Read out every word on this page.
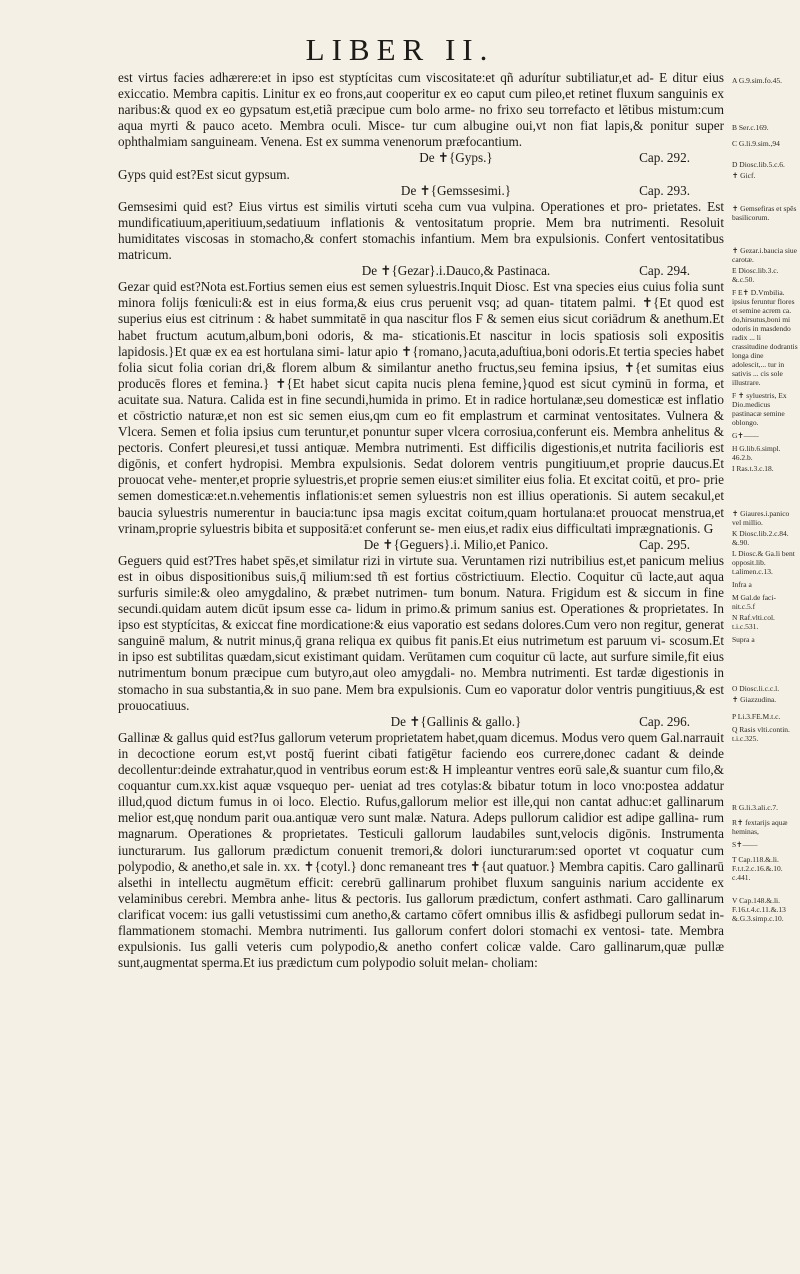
LIBER II.

est virtus facies adhærere:et in ipso est styptícitas cum viscositate:et qñ adurítur subtiliatur,et ad- E ditur eius exiccatio. Membra capitis. Linitur ex eo frons,aut cooperitur ex eo caput cum pileo,et retinet fluxum sanguinis ex naribus:& quod ex eo gypsatum est,etiã præcipue cum bolo arme- no frixo seu torrefacto et lētibus mistum:cum aqua myrti & pauco aceto. Membra oculi. Misce- tur cum albugine oui,vt non fiat lapis,& ponitur super ophthalmiam sanguineam. Venena. Est ex summa venenorum præfocantium.

De ✝{Gyps.}	Cap. 292.

Gyps quid est?Est sicut gypsum.

De ✝{Gemssesimi.}	Cap. 293.

Gemsesimi quid est? Eius virtus est similis virtuti sceha cum vua vulpina. Operationes et pro- prietates. Est mundificatiuum,aperitiuum,sedatiuum inflationis & ventositatum proprie. Mem bra nutrimenti. Resoluit humiditates viscosas in stomacho,& confert stomachis infantium. Mem bra expulsionis. Confert ventositatibus matricum.

De ✝{Gezar}.i.Dauco,& Pastinaca.	Cap. 294.

Gezar quid est?Nota est.Fortius semen eius est semen syluestris.Inquit Diosc. Est vna species eius cuius folia sunt minora folijs fœniculi:& est in eius forma,& eius crus peruenit vsq; ad quan- titatem palmi. ✝{Et quod est superius eius est citrinum : & habet summitatē in qua nascitur flos F & semen eius sicut coriādrum & anethum.Et habet fructum acutum,album,boni odoris, & ma- sticationis.Et nascitur in locis spatiosis soli expositis lapidosis.}Et quæ ex ea est hortulana simi- latur apio ✝{romano,}acuta,aduſtiua,boni odoris.Et tertia species habet folia sicut folia corian dri,& florem album & similantur anetho fructus,seu femina ipsius, ✝{et sumitas eius producēs flores et femina.} ✝{Et habet sicut capita nucis plena femine,}quod est sicut cyminū in forma, et acuitate sua. Natura. Calida est in fine secundi,humida in primo. Et in radice hortulanæ,seu domesticæ est inflatio et cōstrictio naturæ,et non est sic semen eius,qm cum eo fit emplastrum et carminat ventositates. Vulnera & Vlcera. Semen et folia ipsius cum teruntur,et ponuntur super vlcera corrosiua,conferunt eis. Membra anhelitus & pectoris. Confert pleuresi,et tussi antiquæ. Membra nutrimenti. Est difficilis digestionis,et nutrita facilioris est digōnis, et confert hydropisi. Membra expulsionis. Sedat dolorem ventris pungitiuum,et proprie daucus.Et prouocat vehe- menter,et proprie syluestris,et proprie semen eius:et similiter eius folia. Et excitat coitū, et pro- prie semen domesticæ:et.n.vehementis inflationis:et semen syluestris non est illius operationis. Si autem secakul,et baucia syluestris numerentur in baucia:tunc ipsa magis excitat coitum,quam hortulana:et prouocat menstrua,et vrinam,proprie syluestris bibita et suppositā:et conferunt se- men eius,et radix eius difficultati imprægnationis. G

De ✝{Geguers}.i. Milio,et Panico.	Cap. 295.

Geguers quid est?Tres habet spēs,et similatur rizi in virtute sua. Veruntamen rizi nutribilius est,et panicum melius est in oibus dispositionibus suis,q̄ milium:sed tñ est fortius cōstrictiuum. Electio. Coquitur cū lacte,aut aqua surfuris simile:& oleo amygdalino, & præbet nutrimen- tum bonum. Natura. Frigidum est & siccum in fine secundi.quidam autem dicūt ipsum esse ca- lidum in primo.& primum sanius est. Operationes & proprietates. In ipso est styptícitas, & exiccat fine mordicatione:& eius vaporatio est sedans dolores.Cum vero non regitur, generat sanguinē malum, & nutrit minus,q̄ grana reliqua ex quibus fit panis.Et eius nutrimetum est paruum vi- scosum.Et in ipso est subtilitas quædam,sicut existimant quidam. Verūtamen cum coquitur cū lacte, aut surfure simile,fit eius nutrimentum bonum præcipue cum butyro,aut oleo amygdali- no. Membra nutrimenti. Est tardæ digestionis in stomacho in sua substantia,& in suo pane. Mem bra expulsionis. Cum eo vaporatur dolor ventris pungitiuus,& est prouocatiuus.

De ✝{Gallinis & gallo.}	Cap. 296.

Gallinæ & gallus quid est?Ius gallorum veterum proprietatem habet,quam dicemus. Modus vero quem Gal.narrauit in decoctione eorum est,vt postq̄ fuerint cibati fatigētur faciendo eos currere,donec cadant & deinde decollentur:deinde extrahatur,quod in ventribus eorum est:& H impleantur ventres eorū sale,& suantur cum filo,& coquantur cum.xx.kist aquæ vsquequo per- ueniat ad tres cotylas:& bibatur totum in loco vno:postea addatur illud,quod dictum fumus in oi loco. Electio. Rufus,gallorum melior est ille,qui non cantat adhuc:et gallinarum melior est,quę nondum parit oua.antiquæ vero sunt malæ. Natura. Adeps pullorum calidior est adipe gallina- rum magnarum. Operationes & proprietates. Testiculi gallorum laudabiles sunt,velocis digōnis. Instrumenta iuncturarum. Ius gallorum prædictum conuenit tremori,& dolori iuncturarum:sed oportet vt coquatur cum polypodio, & anetho,et sale in. xx. ✝{cotyl.} donc remaneant tres ✝{aut quatuor.} Membra capitis. Caro gallinarū alsethi in intellectu augmētum efficit: cerebrū gallinarum prohibet fluxum sanguinis narium accidente ex velaminibus cerebri. Membra anhe- litus & pectoris. Ius gallorum prædictum, confert asthmati. Caro gallinarum clarificat vocem: ius galli vetustissimi cum anetho,& cartamo cōfert omnibus illis & asfidbegi pullorum sedat in- flammationem stomachi. Membra nutrimenti. Ius gallorum confert dolori stomachi ex ventosi- tate. Membra expulsionis. Ius galli veteris cum polypodio,& anetho confert colicæ valde. Caro gallinarum,quæ pullæ sunt,augmentat sperma.Et ius prædictum cum polypodio soluit melan- choliam:

A G.9.sim.fo.45.

B Ser.c.169.

C G.li.9.sim.,94

D Diosc.lib.5.c.6.

✝ Gicf.

✝ Gemsefiras et spēs basilicorum.

✝ Gezar.i.baucia siue carotæ.

E Diosc.lib.3.c. &.c.50.

F E✝ D.Vmbilia. ipsius feruntur flores et semine acrem ca. do,hirsutus,boni mi odoris in masdendo radix ... li crassitudine dodrantis longa dine adolescit,... tur in sativis ... cis sole illustrare.

F ✝ syluestris, Ex Dio.medicus pastinacæ semine oblongo.

G✝——

H G.lib.6.simpl. 46.2.b.

I Ras.t.3.c.18.

✝ Giaures.i.panico vel millio.

K Diosc.lib.2.c.84. &.90.

L Diosc.& Ga.li bent opposit.lib. t.alimen.c.13.

Infra a

M Gal.de faci-

nit.c.5.f

N Raf.vlti.col. t.i.c.531.

Supra a

O Diosc.li.c.c.l.

✝ Giazzudina.

P Li.3.FE.M.t.c.

Q Rasis vlti.contin. t.i.c.325.

R G.li.3.ali.c.7.

R✝ fextarijs aquæ heminas,

S✝——

T Cap.118.&.li. F.t.t.2.c.16.&.10. c.441.

V Cap.148.&.li. F.16.t.4.c.11.&.13 &.G.3.simp.c.10.
